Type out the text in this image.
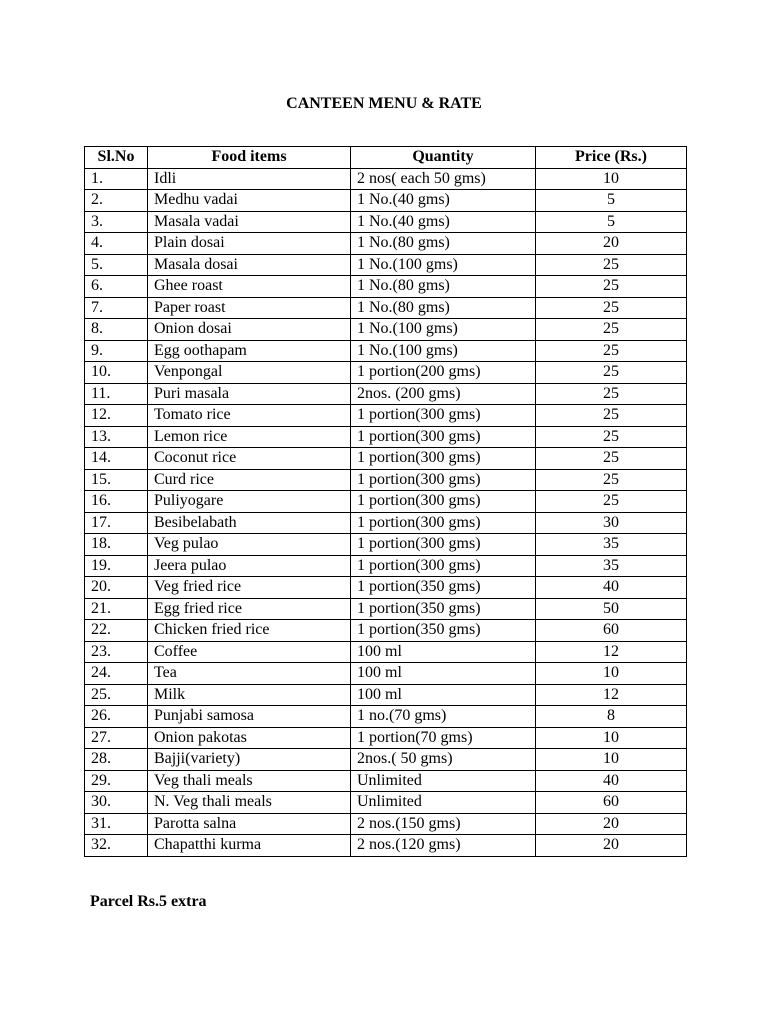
CANTEEN MENU & RATE
Sl.No	Food items	Quantity	Price (Rs.)
1.	Idli	2 nos( each 50 gms)	10
2.	Medhu vadai	1 No.(40 gms)	5
3.	Masala vadai	1 No.(40 gms)	5
4.	Plain dosai	1 No.(80 gms)	20
5.	Masala dosai	1 No.(100 gms)	25
6.	Ghee roast	1 No.(80 gms)	25
7.	Paper roast	1 No.(80 gms)	25
8.	Onion dosai	1 No.(100 gms)	25
9.	Egg oothapam	1 No.(100 gms)	25
10.	Venpongal	1 portion(200 gms)	25
11.	Puri masala	2nos. (200 gms)	25
12.	Tomato rice	1 portion(300 gms)	25
13.	Lemon rice	1 portion(300 gms)	25
14.	Coconut rice	1 portion(300 gms)	25
15.	Curd rice	1 portion(300 gms)	25
16.	Puliyogare	1 portion(300 gms)	25
17.	Besibelabath	1 portion(300 gms)	30
18.	Veg pulao	1 portion(300 gms)	35
19.	Jeera pulao	1 portion(300 gms)	35
20.	Veg fried rice	1 portion(350 gms)	40
21.	Egg fried rice	1 portion(350 gms)	50
22.	Chicken fried rice	1 portion(350 gms)	60
23.	Coffee	100 ml	12
24.	Tea	100 ml	10
25.	Milk	100 ml	12
26.	Punjabi samosa	1 no.(70 gms)	8
27.	Onion pakotas	1 portion(70 gms)	10
28.	Bajji(variety)	2nos.( 50 gms)	10
29.	Veg thali meals	Unlimited	40
30.	N. Veg thali meals	Unlimited	60
31.	Parotta salna	2 nos.(150 gms)	20
32.	Chapatthi kurma	2 nos.(120 gms)	20
Parcel Rs.5 extra
